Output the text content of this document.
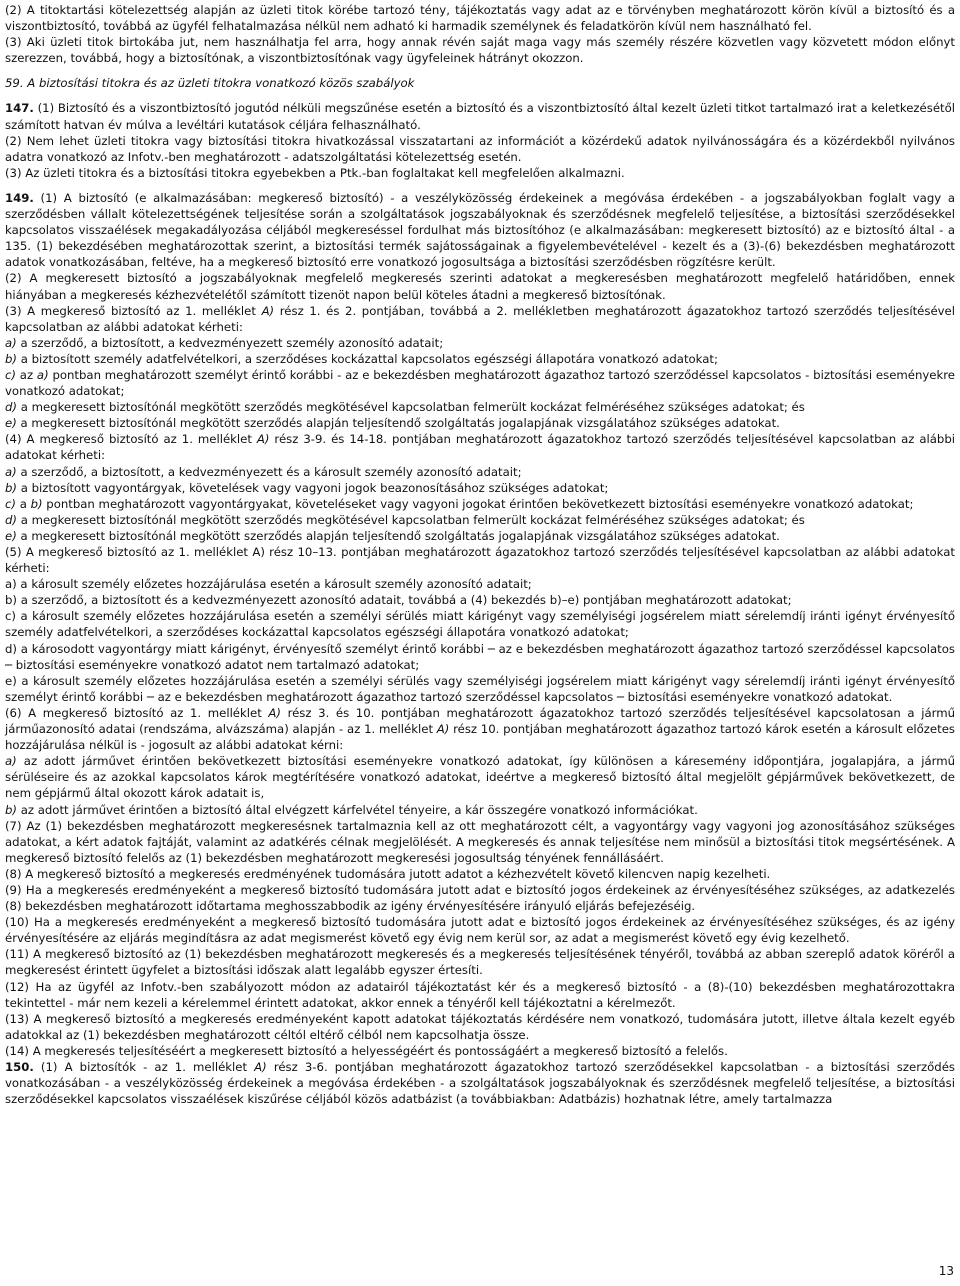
(2) A titoktartási kötelezettség alapján az üzleti titok körébe tartozó tény, tájékoztatás vagy adat az e törvényben meghatározott körön kívül a biztosító és a viszontbiztosító, továbbá az ügyfél felhatalmazása nélkül nem adható ki harmadik személynek és feladatkörön kívül nem használható fel.

(3) Aki üzleti titok birtokába jut, nem használhatja fel arra, hogy annak révén saját maga vagy más személy részére közvetlen vagy közvetett módon előnyt szerezzen, továbbá, hogy a biztosítónak, a viszontbiztosítónak vagy ügyfeleinek hátrányt okozzon.

59. A biztosítási titokra és az üzleti titokra vonatkozó közös szabályok

147. (1) Biztosító és a viszontbiztosító jogutód nélküli megszűnése esetén a biztosító és a viszontbiztosító által kezelt üzleti titkot tartalmazó irat a keletkezésétől számított hatvan év múlva a levéltári kutatások céljára felhasználható.

(2) Nem lehet üzleti titokra vagy biztosítási titokra hivatkozással visszatartani az információt a közérdekű adatok nyilvánosságára és a közérdekből nyilvános adatra vonatkozó az Infotv.-ben meghatározott - adatszolgáltatási kötelezettség esetén.

(3) Az üzleti titokra és a biztosítási titokra egyebekben a Ptk.-ban foglaltakat kell megfelelően alkalmazni.

149. (1) A biztosító (e alkalmazásában: megkereső biztosító) - a veszélyközösség érdekeinek a megóvása érdekében - a jogszabályokban foglalt vagy a szerződésben vállalt kötelezettségének teljesítése során a szolgáltatások jogszabályoknak és szerződésnek megfelelő teljesítése, a biztosítási szerződésekkel kapcsolatos visszaélések megakadályozása céljából megkereséssel fordulhat más biztosítóhoz (e alkalmazásában: megkeresett biztosító) az e biztosító által - a 135. (1) bekezdésében meghatározottak szerint, a biztosítási termék sajátosságainak a figyelembevételével - kezelt és a (3)-(6) bekezdésben meghatározott adatok vonatkozásában, feltéve, ha a megkereső biztosító erre vonatkozó jogosultsága a biztosítási szerződésben rögzítésre került.

(2) A megkeresett biztosító a jogszabályoknak megfelelő megkeresés szerinti adatokat a megkeresésben meghatározott megfelelő határidőben, ennek hiányában a megkeresés kézhezvételétől számított tizenöt napon belül köteles átadni a megkereső biztosítónak.

(3) A megkereső biztosító az 1. melléklet A) rész 1. és 2. pontjában, továbbá a 2. mellékletben meghatározott ágazatokhoz tartozó szerződés teljesítésével kapcsolatban az alábbi adatokat kérheti:

a) a szerződő, a biztosított, a kedvezményezett személy azonosító adatait;

b) a biztosított személy adatfelvételkori, a szerződéses kockázattal kapcsolatos egészségi állapotára vonatkozó adatokat;

c) az a) pontban meghatározott személyt érintő korábbi - az e bekezdésben meghatározott ágazathoz tartozó szerződéssel kapcsolatos - biztosítási eseményekre vonatkozó adatokat;

d) a megkeresett biztosítónál megkötött szerződés megkötésével kapcsolatban felmerült kockázat felméréséhez szükséges adatokat; és

e) a megkeresett biztosítónál megkötött szerződés alapján teljesítendő szolgáltatás jogalapjának vizsgálatához szükséges adatokat.

(4) A megkereső biztosító az 1. melléklet A) rész 3-9. és 14-18. pontjában meghatározott ágazatokhoz tartozó szerződés teljesítésével kapcsolatban az alábbi adatokat kérheti:

a) a szerződő, a biztosított, a kedvezményezett és a károsult személy azonosító adatait;

b) a biztosított vagyontárgyak, követelések vagy vagyoni jogok beazonosításához szükséges adatokat;

c) a b) pontban meghatározott vagyontárgyakat, követeléseket vagy vagyoni jogokat érintően bekövetkezett biztosítási eseményekre vonatkozó adatokat;

d) a megkeresett biztosítónál megkötött szerződés megkötésével kapcsolatban felmerült kockázat felméréséhez szükséges adatokat; és

e) a megkeresett biztosítónál megkötött szerződés alapján teljesítendő szolgáltatás jogalapjának vizsgálatához szükséges adatokat.

(5) A megkereső biztosító az 1. melléklet A) rész 10–13. pontjában meghatározott ágazatokhoz tartozó szerződés teljesítésével kapcsolatban az alábbi adatokat kérheti:

a) a károsult személy előzetes hozzájárulása esetén a károsult személy azonosító adatait;

b) a szerződő, a biztosított és a kedvezményezett azonosító adatait, továbbá a (4) bekezdés b)–e) pontjában meghatározott adatokat;

c) a károsult személy előzetes hozzájárulása esetén a személyi sérülés miatt kárigényt vagy személyiségi jogsérelem miatt sérelemdíj iránti igényt érvényesítő személy adatfelvételkori, a szerződéses kockázattal kapcsolatos egészségi állapotára vonatkozó adatokat;

d) a károsodott vagyontárgy miatt kárigényt, érvényesítő személyt érintő korábbi ─ az e bekezdésben meghatározott ágazathoz tartozó szerződéssel kapcsolatos ─ biztosítási eseményekre vonatkozó adatot nem tartalmazó adatokat;

e) a károsult személy előzetes hozzájárulása esetén a személyi sérülés vagy személyiségi jogsérelem miatt kárigényt vagy sérelemdíj iránti igényt érvényesítő személyt érintő korábbi ─ az e bekezdésben meghatározott ágazathoz tartozó szerződéssel kapcsolatos ─ biztosítási eseményekre vonatkozó adatokat.

(6) A megkereső biztosító az 1. melléklet A) rész 3. és 10. pontjában meghatározott ágazatokhoz tartozó szerződés teljesítésével kapcsolatosan a jármű járműazonosító adatai (rendszáma, alvázszáma) alapján - az 1. melléklet A) rész 10. pontjában meghatározott ágazathoz tartozó károk esetén a károsult előzetes hozzájárulása nélkül is - jogosult az alábbi adatokat kérni:

a) az adott járművet érintően bekövetkezett biztosítási eseményekre vonatkozó adatokat, így különösen a káresemény időpontjára, jogalapjára, a jármű sérüléseire és az azokkal kapcsolatos károk megtérítésére vonatkozó adatokat, ideértve a megkereső biztosító által megjelölt gépjárművek bekövetkezett, de nem gépjármű által okozott károk adatait is,

b) az adott járművet érintően a biztosító által elvégzett kárfelvétel tényeire, a kár összegére vonatkozó információkat.

(7) Az (1) bekezdésben meghatározott megkeresésnek tartalmaznia kell az ott meghatározott célt, a vagyontárgy vagy vagyoni jog azonosításához szükséges adatokat, a kért adatok fajtáját, valamint az adatkérés célnak megjelölését. A megkeresés és annak teljesítése nem minősül a biztosítási titok megsértésének. A megkereső biztosító felelős az (1) bekezdésben meghatározott megkeresési jogosultság tényének fennállásáért.

(8) A megkereső biztosító a megkeresés eredményének tudomására jutott adatot a kézhezvételt követő kilencven napig kezelheti.

(9) Ha a megkeresés eredményeként a megkereső biztosító tudomására jutott adat e biztosító jogos érdekeinek az érvényesítéséhez szükséges, az adatkezelés (8) bekezdésben meghatározott időtartama meghosszabbodik az igény érvényesítésére irányuló eljárás befejezéséig.

(10) Ha a megkeresés eredményeként a megkereső biztosító tudomására jutott adat e biztosító jogos érdekeinek az érvényesítéséhez szükséges, és az igény érvényesítésére az eljárás megindításra az adat megismerést követő egy évig nem kerül sor, az adat a megismerést követő egy évig kezelhető.

(11) A megkereső biztosító az (1) bekezdésben meghatározott megkeresés és a megkeresés teljesítésének tényéről, továbbá az abban szereplő adatok köréről a megkeresést érintett ügyfelet a biztosítási időszak alatt legalább egyszer értesíti.

(12) Ha az ügyfél az Infotv.-ben szabályozott módon az adatairól tájékoztatást kér és a megkereső biztosító - a (8)-(10) bekezdésben meghatározottakra tekintettel - már nem kezeli a kérelemmel érintett adatokat, akkor ennek a tényéről kell tájékoztatni a kérelmezőt.

(13) A megkereső biztosító a megkeresés eredményeként kapott adatokat tájékoztatás kérdésére nem vonatkozó, tudomására jutott, illetve általa kezelt egyéb adatokkal az (1) bekezdésben meghatározott céltól eltérő célból nem kapcsolhatja össze.

(14) A megkeresés teljesítéséért a megkeresett biztosító a helyességéért és pontosságáért a megkereső biztosító a felelős.

150. (1) A biztosítók - az 1. melléklet A) rész 3-6. pontjában meghatározott ágazatokhoz tartozó szerződésekkel kapcsolatban - a biztosítási szerződés vonatkozásában - a veszélyközösség érdekeinek a megóvása érdekében - a szolgáltatások jogszabályoknak és szerződésnek megfelelő teljesítése, a biztosítási szerződésekkel kapcsolatos visszaélések kiszűrése céljából közös adatbázist (a továbbiakban: Adatbázis) hozhatnak létre, amely tartalmazza

13
